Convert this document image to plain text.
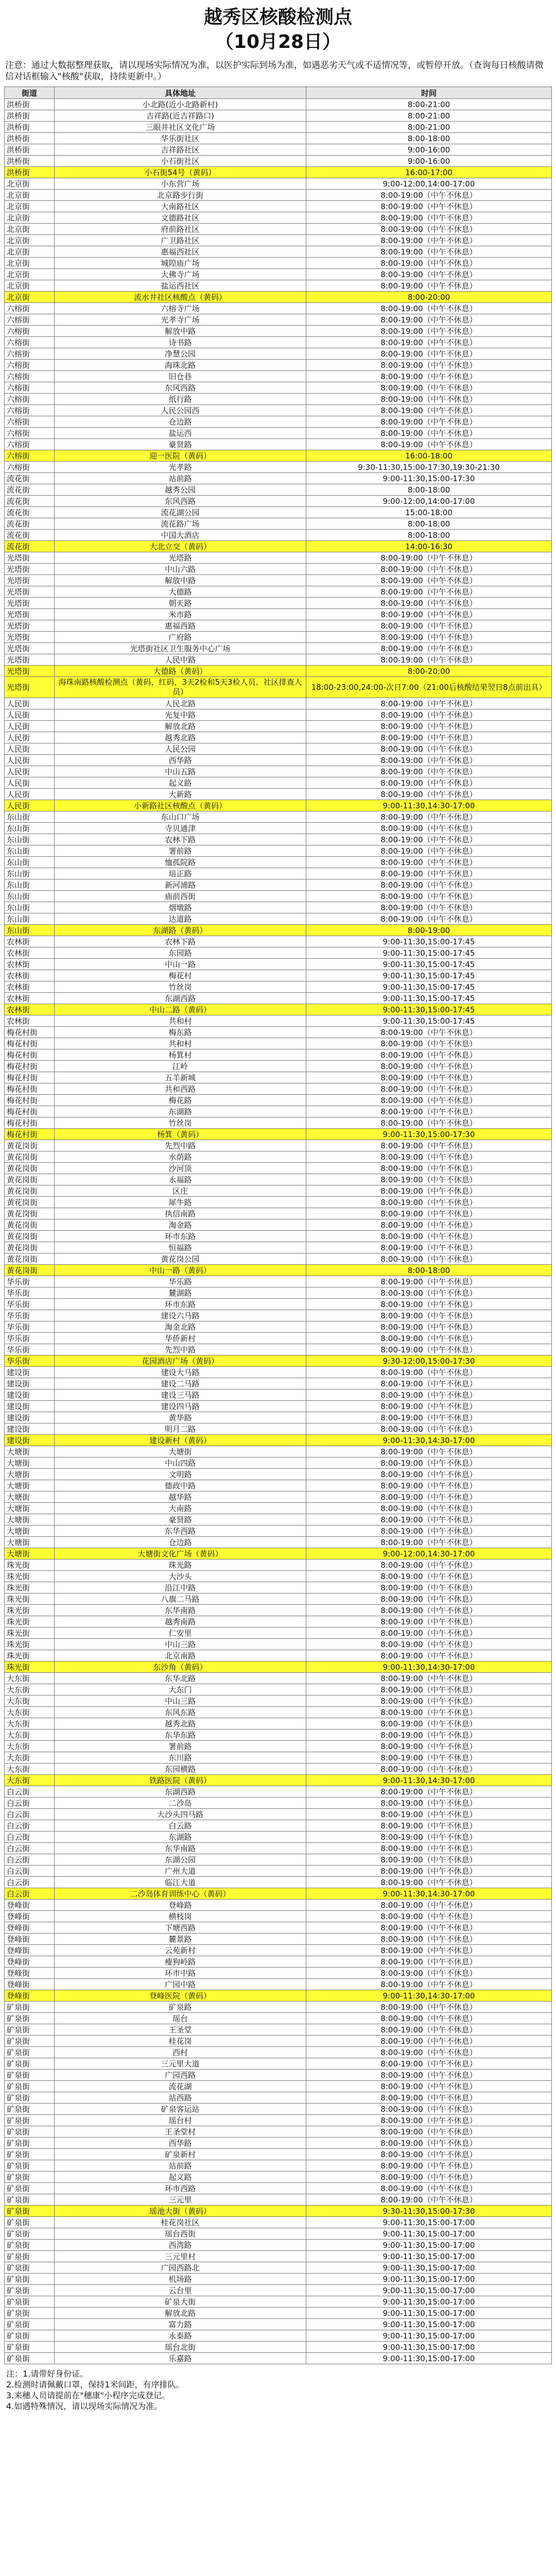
越秀区核酸检测点
（10月28日）
注意：通过大数据整理获取，请以现场实际情况为准，以医护实际到场为准，如遇恶劣天气或不适情况等，或暂停开放。（查询每日核酸请微信对话框输入"核酸"获取，持续更新中。）
街道	具体地址	时间
洪桥街	小北路(近小北路新村)	8:00-21:00
洪桥街	吉祥路(近吉祥路口)	8:00-21:00
洪桥街	三眼井社区文化广场	8:00-21:00
洪桥街	华乐街社区	8:00-18:00
洪桥街	吉祥路社区	9:00-16:00
洪桥街	小石街社区	9:00-16:00
洪桥街	小石街54号（黄码）	16:00-17:00
北京街	小东营广场	9:00-12:00,14:00-17:00
北京街	北京路步行街	8:00-19:00（中午不休息）
北京街	大南路社区	8:00-19:00（中午不休息）
北京街	文德路社区	8:00-19:00（中午不休息）
北京街	府前路社区	8:00-19:00（中午不休息）
北京街	广卫路社区	8:00-19:00（中午不休息）
北京街	惠福西社区	8:00-19:00（中午不休息）
北京街	城隍庙广场	8:00-19:00（中午不休息）
北京街	大佛寺广场	8:00-19:00（中午不休息）
北京街	盐运西社区	8:00-19:00（中午不休息）
北京街	流水井社区核酸点（黄码）	8:00-20:00
六榕街	六榕寺广场	8:00-19:00（中午不休息）
六榕街	光孝寺广场	8:00-19:00（中午不休息）
六榕街	解放中路	8:00-19:00（中午不休息）
六榕街	诗书路	8:00-19:00（中午不休息）
六榕街	净慧公园	8:00-19:00（中午不休息）
六榕街	海珠北路	8:00-19:00（中午不休息）
六榕街	旧仓巷	8:00-19:00（中午不休息）
六榕街	东风西路	8:00-19:00（中午不休息）
六榕街	纸行路	8:00-19:00（中午不休息）
六榕街	人民公园西	8:00-19:00（中午不休息）
六榕街	仓边路	8:00-19:00（中午不休息）
六榕街	盐运西	8:00-19:00（中午不休息）
六榕街	豪贤路	8:00-19:00（中午不休息）
六榕街	迎一医院（黄码）	16:00-18:00
六榕街	光孝路	9:30-11:30,15:00-17:30,19:30-21:30
流花街	站前路	9:00-11:30,15:00-17:30
流花街	越秀公园	8:00-18:00
流花街	东风西路	9:00-12:00,14:00-17:00
流花街	流花湖公园	15:00-18:00
流花街	流花路广场	8:00-18:00
流花街	中国大酒店	8:00-18:00
流花街	大北立交（黄码）	14:00-16:30
光塔街	光塔路	8:00-19:00（中午不休息）
光塔街	中山六路	8:00-19:00（中午不休息）
光塔街	解放中路	8:00-19:00（中午不休息）
光塔街	大德路	8:00-19:00（中午不休息）
光塔街	朝天路	8:00-19:00（中午不休息）
光塔街	米市路	8:00-19:00（中午不休息）
光塔街	惠福西路	8:00-19:00（中午不休息）
光塔街	广府路	8:00-19:00（中午不休息）
光塔街	光塔街社区卫生服务中心广场	8:00-19:00（中午不休息）
光塔街	人民中路	8:00-19:00（中午不休息）
光塔街	大德路（黄码）	8:00-20:00
光塔街	海珠南路核酸检测点（黄码，红码，3天2检和5天3检人员、社区排查人员）	18:00-23:00,24:00-次日7:00（21:00后核酸结果翌日8点前出具）
人民街	人民北路	8:00-19:00（中午不休息）
人民街	光复中路	8:00-19:00（中午不休息）
人民街	解放北路	8:00-19:00（中午不休息）
人民街	越秀北路	8:00-19:00（中午不休息）
人民街	人民公园	8:00-19:00（中午不休息）
人民街	西华路	8:00-19:00（中午不休息）
人民街	中山五路	8:00-19:00（中午不休息）
人民街	起义路	8:00-19:00（中午不休息）
人民街	大新路	8:00-19:00（中午不休息）
人民街	小新路社区核酸点（黄码）	9:00-11:30,14:30-17:00
东山街	东山口广场	8:00-19:00（中午不休息）
东山街	寺贝通津	8:00-19:00（中午不休息）
东山街	农林下路	8:00-19:00（中午不休息）
东山街	署前路	8:00-19:00（中午不休息）
东山街	恤孤院路	8:00-19:00（中午不休息）
东山街	培正路	8:00-19:00（中午不休息）
东山街	新河浦路	8:00-19:00（中午不休息）
东山街	庙前西街	8:00-19:00（中午不休息）
东山街	烟墩路	8:00-19:00（中午不休息）
东山街	达道路	8:00-19:00（中午不休息）
东山街	东湖路（黄码）	8:00-19:00
农林街	农林下路	9:00-11:30,15:00-17:45
农林街	东园路	9:00-11:30,15:00-17:45
农林街	中山一路	9:00-11:30,15:00-17:45
农林街	梅花村	9:00-11:30,15:00-17:45
农林街	竹丝岗	9:00-11:30,15:00-17:45
农林街	东湖西路	9:00-11:30,15:00-17:45
农林街	中山二路（黄码）	9:00-11:30,15:00-17:45
农林街	共和村	9:00-11:30,15:00-17:45
梅花村街	梅东路	8:00-19:00（中午不休息）
梅花村街	共和村	8:00-19:00（中午不休息）
梅花村街	杨箕村	8:00-19:00（中午不休息）
梅花村街	江岭	8:00-19:00（中午不休息）
梅花村街	五羊新城	8:00-19:00（中午不休息）
梅花村街	共和西路	8:00-19:00（中午不休息）
梅花村街	梅花路	8:00-19:00（中午不休息）
梅花村街	东湖路	8:00-19:00（中午不休息）
梅花村街	竹丝岗	8:00-19:00（中午不休息）
梅花村街	杨箕（黄码）	9:00-11:30,15:00-17:30
黄花岗街	先烈中路	8:00-19:00（中午不休息）
黄花岗街	水荫路	8:00-19:00（中午不休息）
黄花岗街	沙河顶	8:00-19:00（中午不休息）
黄花岗街	永福路	8:00-19:00（中午不休息）
黄花岗街	区庄	8:00-19:00（中午不休息）
黄花岗街	犀牛路	8:00-19:00（中午不休息）
黄花岗街	执信南路	8:00-19:00（中午不休息）
黄花岗街	淘金路	8:00-19:00（中午不休息）
黄花岗街	环市东路	8:00-19:00（中午不休息）
黄花岗街	恒福路	8:00-19:00（中午不休息）
黄花岗街	黄花岗公园	8:00-19:00（中午不休息）
黄花岗街	中山一路（黄码）	8:00-18:00
华乐街	华乐路	8:00-19:00（中午不休息）
华乐街	麓湖路	8:00-19:00（中午不休息）
华乐街	环市东路	8:00-19:00（中午不休息）
华乐街	建设六马路	8:00-19:00（中午不休息）
华乐街	淘金北路	8:00-19:00（中午不休息）
华乐街	华侨新村	8:00-19:00（中午不休息）
华乐街	先烈中路	8:00-19:00（中午不休息）
华乐街	花园酒店广场（黄码）	9:30-12:00,15:00-17:30
建设街	建设大马路	8:00-19:00（中午不休息）
建设街	建设二马路	8:00-19:00（中午不休息）
建设街	建设三马路	8:00-19:00（中午不休息）
建设街	建设四马路	8:00-19:00（中午不休息）
建设街	黄华路	8:00-19:00（中午不休息）
建设街	明月二路	8:00-19:00（中午不休息）
建设街	建设新村（黄码）	9:00-11:30,14:30-17:00
大塘街	大塘街	8:00-19:00（中午不休息）
大塘街	中山四路	8:00-19:00（中午不休息）
大塘街	文明路	8:00-19:00（中午不休息）
大塘街	德政中路	8:00-19:00（中午不休息）
大塘街	越华路	8:00-19:00（中午不休息）
大塘街	大南路	8:00-19:00（中午不休息）
大塘街	豪贤路	8:00-19:00（中午不休息）
大塘街	东华西路	8:00-19:00（中午不休息）
大塘街	仓边路	8:00-19:00（中午不休息）
大塘街	大塘街文化广场（黄码）	9:00-12:00,14:30-17:00
珠光街	珠光路	8:00-19:00（中午不休息）
珠光街	大沙头	8:00-19:00（中午不休息）
珠光街	沿江中路	8:00-19:00（中午不休息）
珠光街	八旗二马路	8:00-19:00（中午不休息）
珠光街	东华南路	8:00-19:00（中午不休息）
珠光街	越秀南路	8:00-19:00（中午不休息）
珠光街	仁安里	8:00-19:00（中午不休息）
珠光街	中山三路	8:00-19:00（中午不休息）
珠光街	北京南路	8:00-19:00（中午不休息）
珠光街	东沙角（黄码）	9:00-11:30,14:30-17:00
大东街	东华北路	8:00-19:00（中午不休息）
大东街	大东门	8:00-19:00（中午不休息）
大东街	中山三路	8:00-19:00（中午不休息）
大东街	东风东路	8:00-19:00（中午不休息）
大东街	越秀北路	8:00-19:00（中午不休息）
大东街	东华东路	8:00-19:00（中午不休息）
大东街	署前路	8:00-19:00（中午不休息）
大东街	东川路	8:00-19:00（中午不休息）
大东街	东园横路	8:00-19:00（中午不休息）
大东街	铁路医院（黄码）	9:00-11:30,14:30-17:00
白云街	东湖西路	8:00-19:00（中午不休息）
白云街	二沙岛	8:00-19:00（中午不休息）
白云街	大沙头四马路	8:00-19:00（中午不休息）
白云街	白云路	8:00-19:00（中午不休息）
白云街	东湖路	8:00-19:00（中午不休息）
白云街	东华南路	8:00-19:00（中午不休息）
白云街	东湖公园	8:00-19:00（中午不休息）
白云街	广州大道	8:00-19:00（中午不休息）
白云街	临江大道	8:00-19:00（中午不休息）
白云街	二沙岛体育训练中心（黄码）	9:00-11:30,14:30-17:00
登峰街	登峰路	8:00-19:00（中午不休息）
登峰街	横枝岗	8:00-19:00（中午不休息）
登峰街	下塘西路	8:00-19:00（中午不休息）
登峰街	麓景路	8:00-19:00（中午不休息）
登峰街	云苑新村	8:00-19:00（中午不休息）
登峰街	瘦狗岭路	8:00-19:00（中午不休息）
登峰街	环市中路	8:00-19:00（中午不休息）
登峰街	广园中路	8:00-19:00（中午不休息）
登峰街	登峰医院（黄码）	9:00-11:30,14:30-17:00
矿泉街	矿泉路	8:00-19:00（中午不休息）
矿泉街	瑶台	8:00-19:00（中午不休息）
矿泉街	王圣堂	8:00-19:00（中午不休息）
矿泉街	桂花岗	8:00-19:00（中午不休息）
矿泉街	西村	8:00-19:00（中午不休息）
矿泉街	三元里大道	8:00-19:00（中午不休息）
矿泉街	广园西路	8:00-19:00（中午不休息）
矿泉街	流花湖	8:00-19:00（中午不休息）
矿泉街	站西路	8:00-19:00（中午不休息）
矿泉街	矿泉客运站	8:00-19:00（中午不休息）
矿泉街	瑶台村	8:00-19:00（中午不休息）
矿泉街	王圣堂村	8:00-19:00（中午不休息）
矿泉街	西华路	8:00-19:00（中午不休息）
矿泉街	矿泉新村	8:00-19:00（中午不休息）
矿泉街	站前路	8:00-19:00（中午不休息）
矿泉街	起义路	8:00-19:00（中午不休息）
矿泉街	环市西路	8:00-19:00（中午不休息）
矿泉街	三元里	8:00-19:00（中午不休息）
矿泉街	瑶池大街（黄码）	9:30-11:30,15:00-17:30
矿泉街	桂花岗社区	9:00-11:30,15:00-17:00
矿泉街	瑶台西街	9:00-11:30,15:00-17:00
矿泉街	西湾路	9:00-11:30,15:00-17:00
矿泉街	三元里村	9:00-11:30,15:00-17:00
矿泉街	广园西路北	9:00-11:30,15:00-17:00
矿泉街	机场路	9:00-11:30,15:00-17:00
矿泉街	云台里	9:00-11:30,15:00-17:00
矿泉街	矿泉大街	9:00-11:30,15:00-17:00
矿泉街	解放北路	9:00-11:30,15:00-17:00
矿泉街	富力路	9:00-11:30,15:00-17:00
矿泉街	永泰路	9:00-11:30,15:00-17:00
矿泉街	瑶台北街	9:00-11:30,15:00-17:00
矿泉街	乐嘉路	9:00-11:30,15:00-17:00
注：1.请带好身份证。
2.检测时请佩戴口罩，保持1米间距，有序排队。
3.来穗人员请提前在"穗康"小程序完成登记。
4.如遇特殊情况，请以现场实际情况为准。
